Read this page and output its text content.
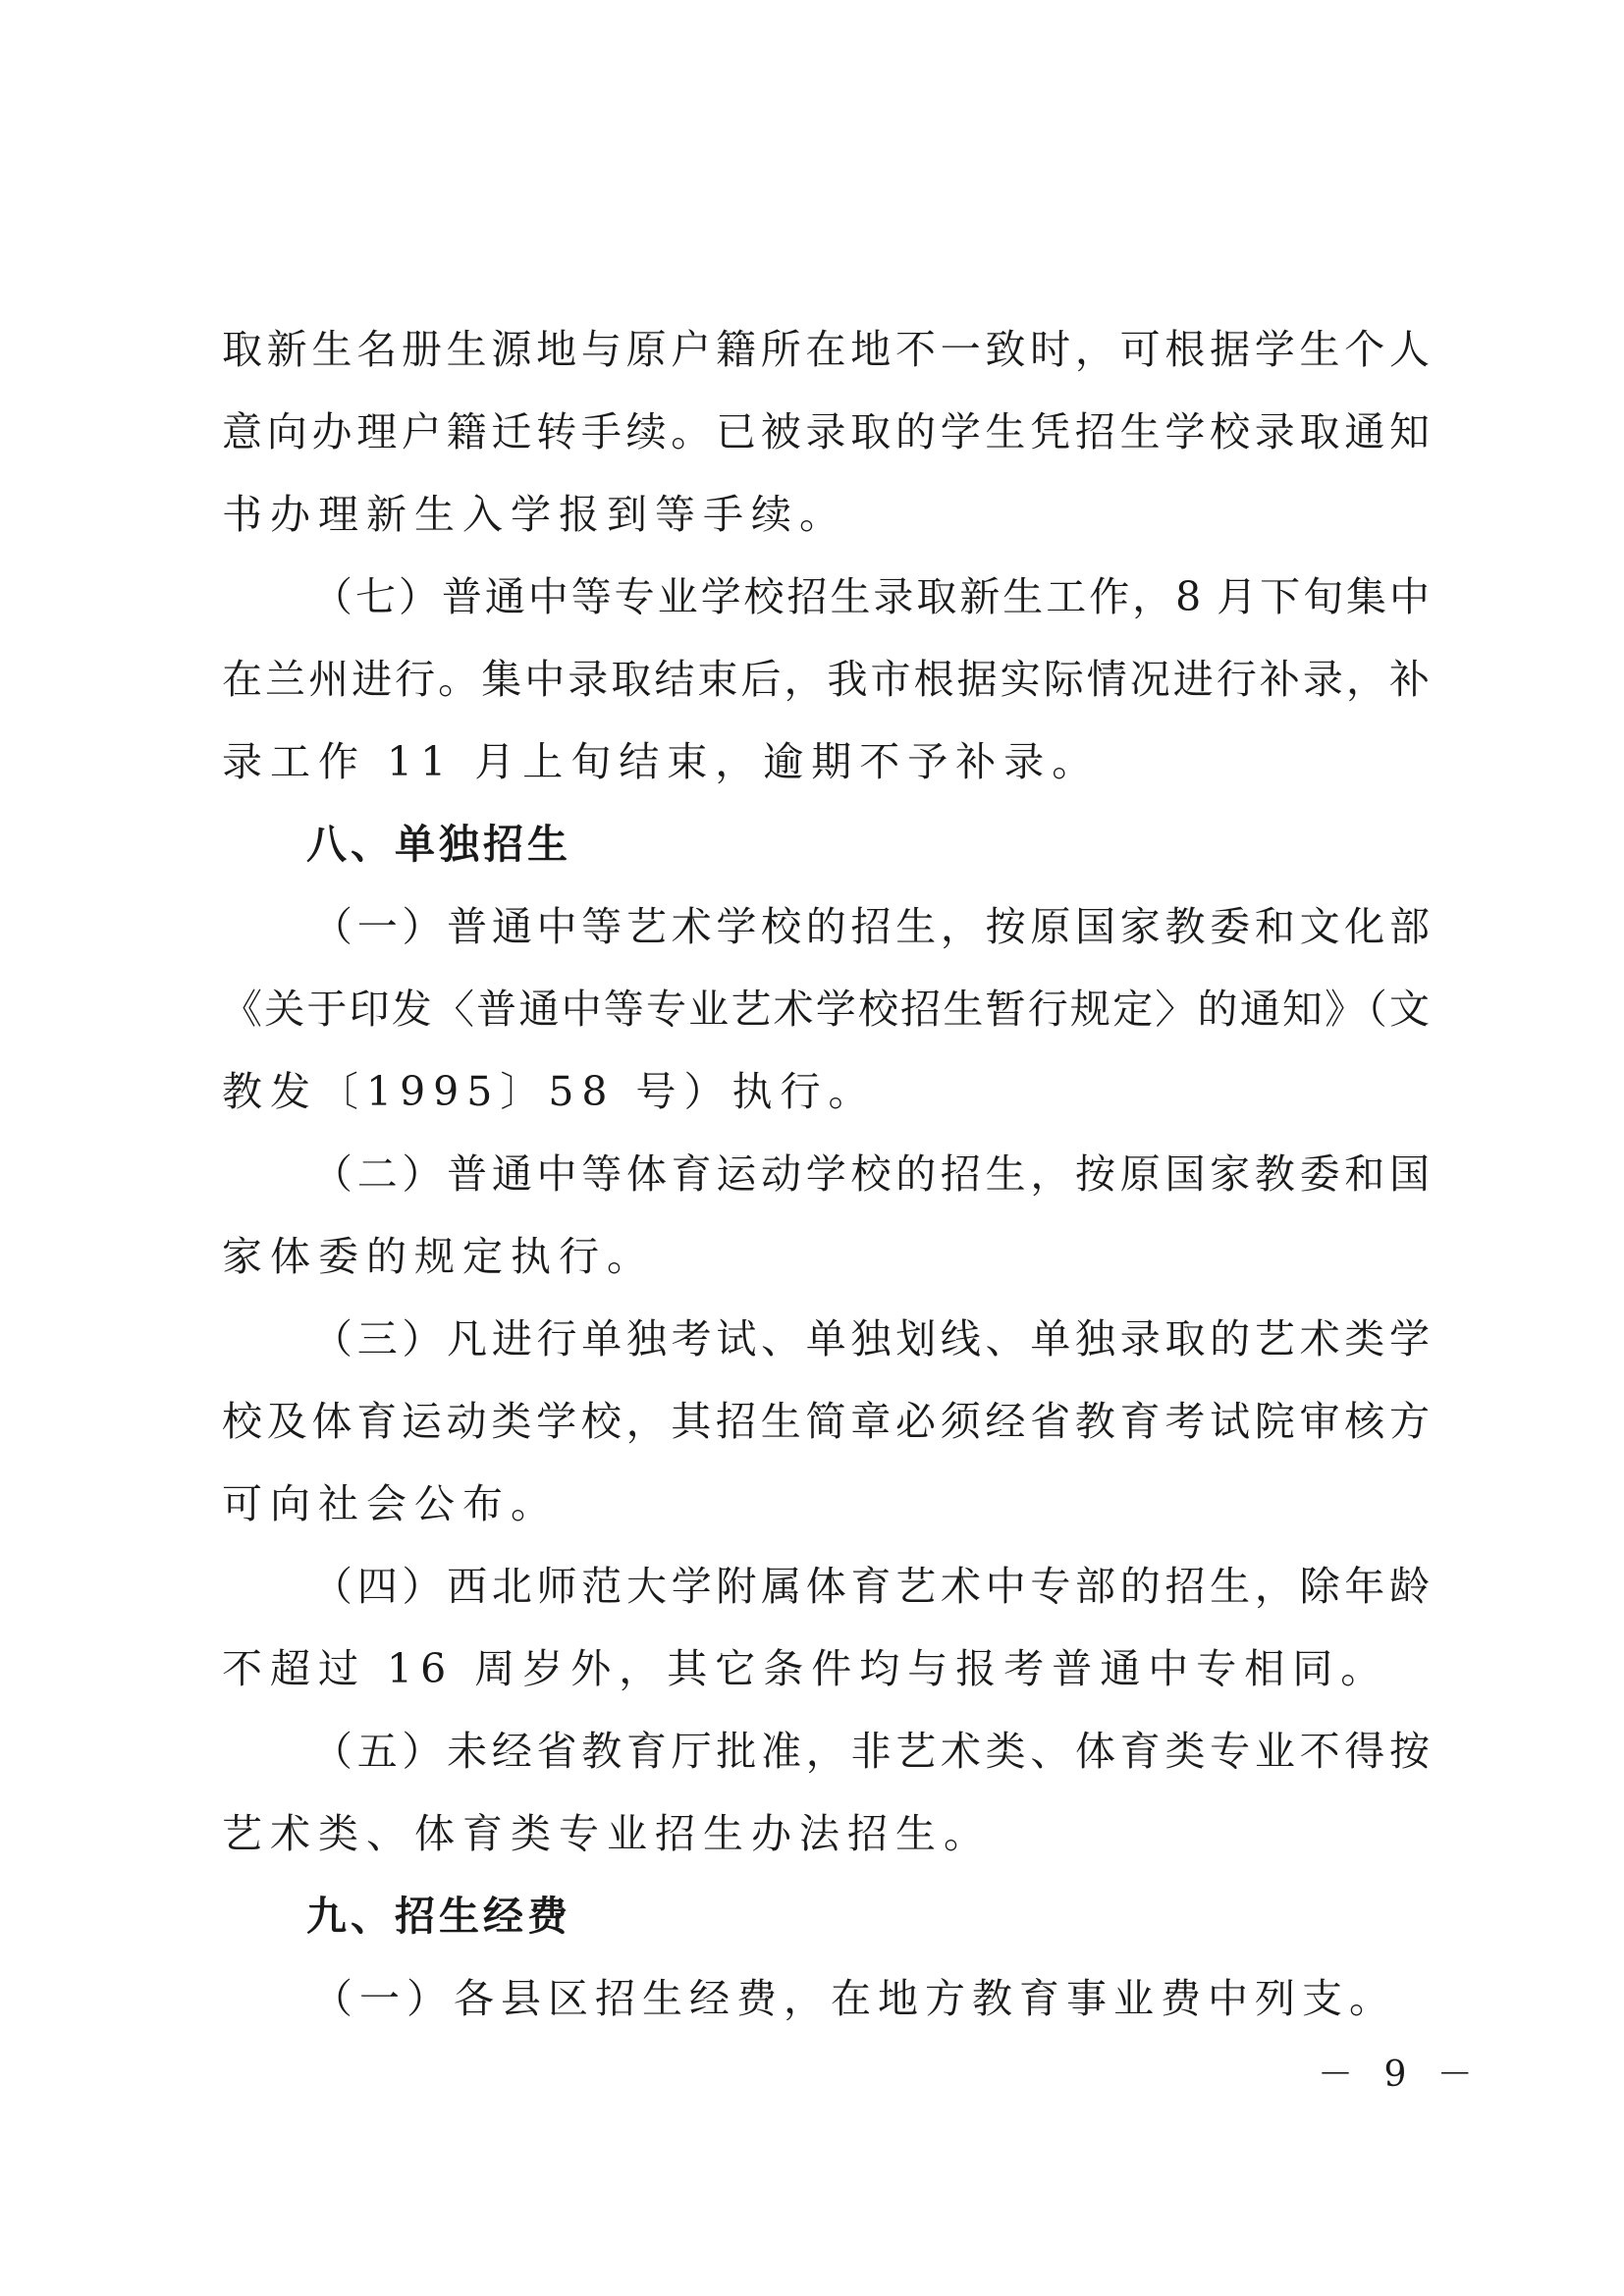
取新生名册生源地与原户籍所在地不一致时，可根据学生个人
意向办理户籍迁转手续。已被录取的学生凭招生学校录取通知
书办理新生入学报到等手续。
（七）普通中等专业学校招生录取新生工作，8 月下旬集中
在兰州进行。集中录取结束后，我市根据实际情况进行补录，补
录工作 11 月上旬结束，逾期不予补录。
八、单独招生
（一）普通中等艺术学校的招生，按原国家教委和文化部
《关于印发〈普通中等专业艺术学校招生暂行规定〉的通知》（文
教发〔1995〕58 号）执行。
（二）普通中等体育运动学校的招生，按原国家教委和国
家体委的规定执行。
（三）凡进行单独考试、单独划线、单独录取的艺术类学
校及体育运动类学校，其招生简章必须经省教育考试院审核方
可向社会公布。
（四）西北师范大学附属体育艺术中专部的招生，除年龄
不超过 16 周岁外，其它条件均与报考普通中专相同。
（五）未经省教育厅批准，非艺术类、体育类专业不得按
艺术类、体育类专业招生办法招生。
九、招生经费
（一）各县区招生经费，在地方教育事业费中列支。
－ 9 －
